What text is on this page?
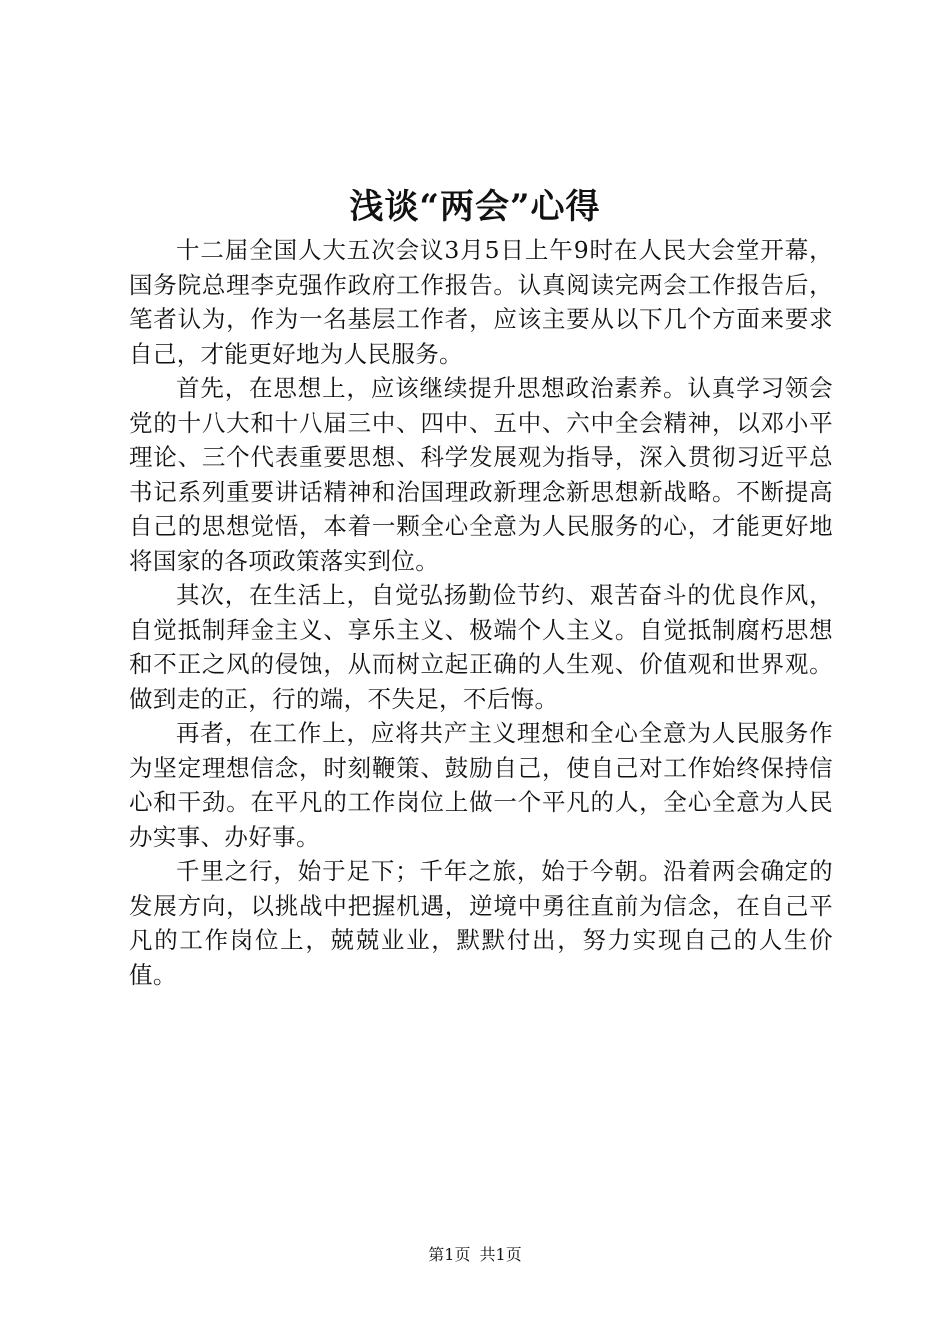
浅谈“两会”心得

十二届全国人大五次会议3月5日上午9时在人民大会堂开幕，国务院总理李克强作政府工作报告。认真阅读完两会工作报告后，笔者认为，作为一名基层工作者，应该主要从以下几个方面来要求自己，才能更好地为人民服务。

首先，在思想上，应该继续提升思想政治素养。认真学习领会党的十八大和十八届三中、四中、五中、六中全会精神，以邓小平理论、三个代表重要思想、科学发展观为指导，深入贯彻习近平总书记系列重要讲话精神和治国理政新理念新思想新战略。不断提高自己的思想觉悟，本着一颗全心全意为人民服务的心，才能更好地将国家的各项政策落实到位。

其次，在生活上，自觉弘扬勤俭节约、艰苦奋斗的优良作风，自觉抵制拜金主义、享乐主义、极端个人主义。自觉抵制腐朽思想和不正之风的侵蚀，从而树立起正确的人生观、价值观和世界观。做到走的正，行的端，不失足，不后悔。

再者，在工作上，应将共产主义理想和全心全意为人民服务作为坚定理想信念，时刻鞭策、鼓励自己，使自己对工作始终保持信心和干劲。在平凡的工作岗位上做一个平凡的人，全心全意为人民办实事、办好事。

千里之行，始于足下；千年之旅，始于今朝。沿着两会确定的发展方向，以挑战中把握机遇，逆境中勇往直前为信念，在自己平凡的工作岗位上，兢兢业业，默默付出，努力实现自己的人生价值。

第1页 共1页
